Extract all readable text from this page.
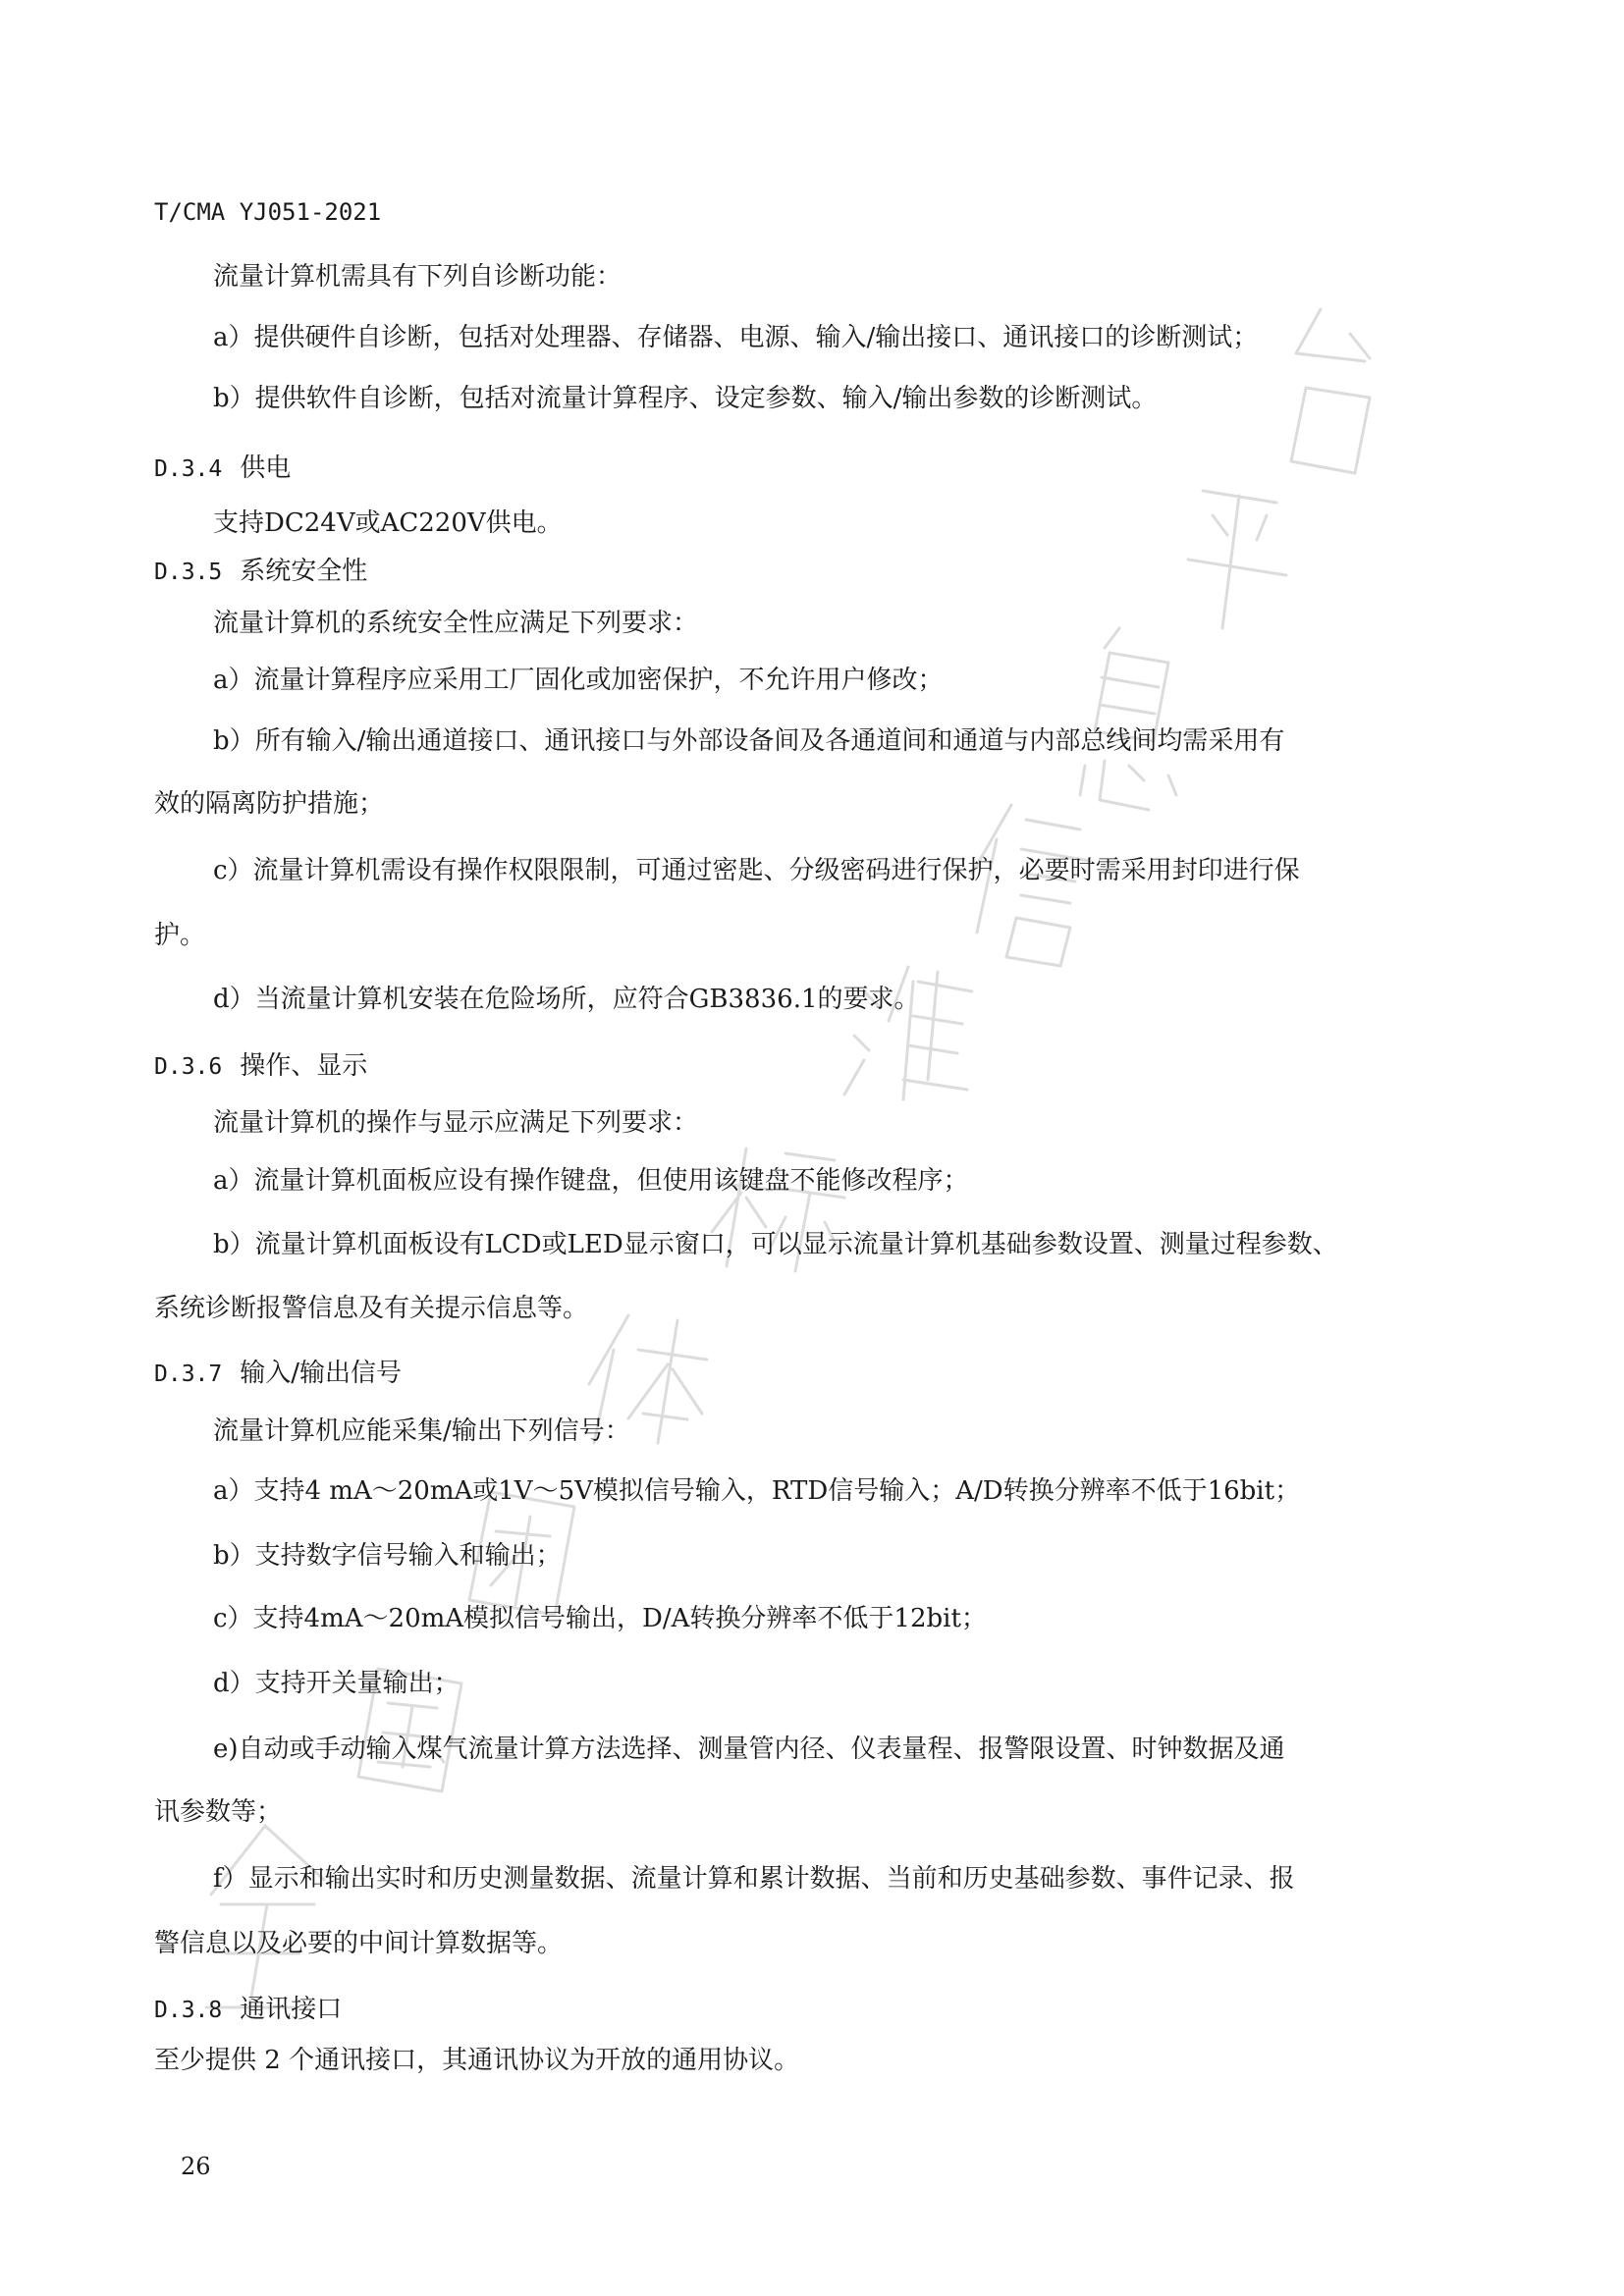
T/CMA YJ051-2021
流量计算机需具有下列自诊断功能：
a）提供硬件自诊断，包括对处理器、存储器、电源、输入/输出接口、通讯接口的诊断测试；
b）提供软件自诊断，包括对流量计算程序、设定参数、输入/输出参数的诊断测试。
D.3.4 供电
支持DC24V或AC220V供电。
D.3.5 系统安全性
流量计算机的系统安全性应满足下列要求：
a）流量计算程序应采用工厂固化或加密保护，不允许用户修改；
b）所有输入/输出通道接口、通讯接口与外部设备间及各通道间和通道与内部总线间均需采用有
效的隔离防护措施；
c）流量计算机需设有操作权限限制，可通过密匙、分级密码进行保护，必要时需采用封印进行保
护。
d）当流量计算机安装在危险场所，应符合GB3836.1的要求。
D.3.6 操作、显示
流量计算机的操作与显示应满足下列要求：
a）流量计算机面板应设有操作键盘，但使用该键盘不能修改程序；
b）流量计算机面板设有LCD或LED显示窗口，可以显示流量计算机基础参数设置、测量过程参数、
系统诊断报警信息及有关提示信息等。
D.3.7 输入/输出信号
流量计算机应能采集/输出下列信号：
a）支持4 mA～20mA或1V～5V模拟信号输入，RTD信号输入；A/D转换分辨率不低于16bit；
b）支持数字信号输入和输出；
c）支持4mA～20mA模拟信号输出，D/A转换分辨率不低于12bit；
d）支持开关量输出；
e)自动或手动输入煤气流量计算方法选择、测量管内径、仪表量程、报警限设置、时钟数据及通
讯参数等；
f）显示和输出实时和历史测量数据、流量计算和累计数据、当前和历史基础参数、事件记录、报
警信息以及必要的中间计算数据等。
D.3.8 通讯接口
至少提供 2 个通讯接口，其通讯协议为开放的通用协议。
26
